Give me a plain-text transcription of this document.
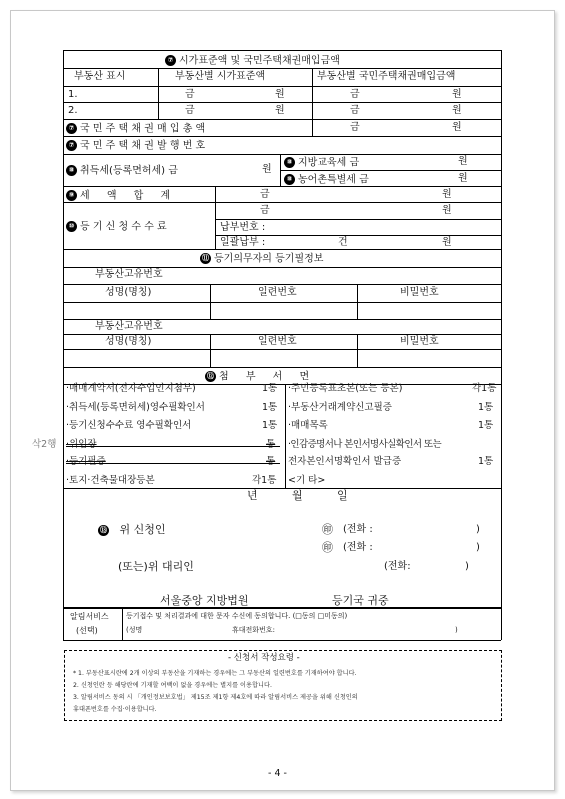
⑦ 시가표준액 및 국민주택채권매입금액
부동산 표시	부동산별 시가표준액	부동산별 국민주택채권매입금액
1.	금	원	금	원
2.	금	원	금	원
⑦ 국 민 주 택 채 권 매 입 총 액	금	원
⑦ 국 민 주 택 채 권 발 행 번 호
⑧ 취득세(등록면허세) 금	원
⑧ 지방교육세 금	원
⑧ 농어촌특별세 금	원
⑨ 세 액 합 계	금	원
⑩ 등 기 신 청 수 수 료
금	원
납부번호 :
일괄납부 :	건	원
⑪ 등기의무자의 등기필정보
부동산고유번호
성명(명칭)	일련번호	비밀번호
부동산고유번호
성명(명칭)	일련번호	비밀번호
⑫ 첨 부 서 면
·매매계약서(전자수입인지첨부)	1통
·취득세(등록면허세)영수필확인서	1통
·등기신청수수료 영수필확인서	1통
·위임장	통
·등기필증	통
·토지·건축물대장등본	각1통
·주민등록표초본(또는 등본)	각1통
·부동산거래계약신고필증	1통
·매매목록	1통
·인감증명서나 본인서명사실확인서 또는
전자본인서명확인서 발급증	1통
<기 타>
삭2행
년	월	일
⑬ 위 신청인	㊞ (전화 :	)
㊞ (전화 :	)
(또는)위 대리인	(전화:	)
서울중앙 지방법원	등기국 귀중
알림서비스
(선택)
등기접수 및 처리결과에 대한 문자 수신에 동의합니다. (□동의 □미동의)
(성명	휴대전화번호:	)
- 신청서 작성요령 -
* 1. 부동산표시란에 2개 이상의 부동산을 기재하는 경우에는 그 부동산의 일련번호를 기재하여야 합니다.
2. 신청인란 등 해당란에 기재할 여백이 없을 경우에는 별지를 이용합니다.
3. 알림서비스 동의 시 「개인정보보호법」 제15조 제1항 제4호에 따라 알림서비스 제공을 위해 신청인의
휴대폰번호를 수집·이용합니다.
- 4 -
